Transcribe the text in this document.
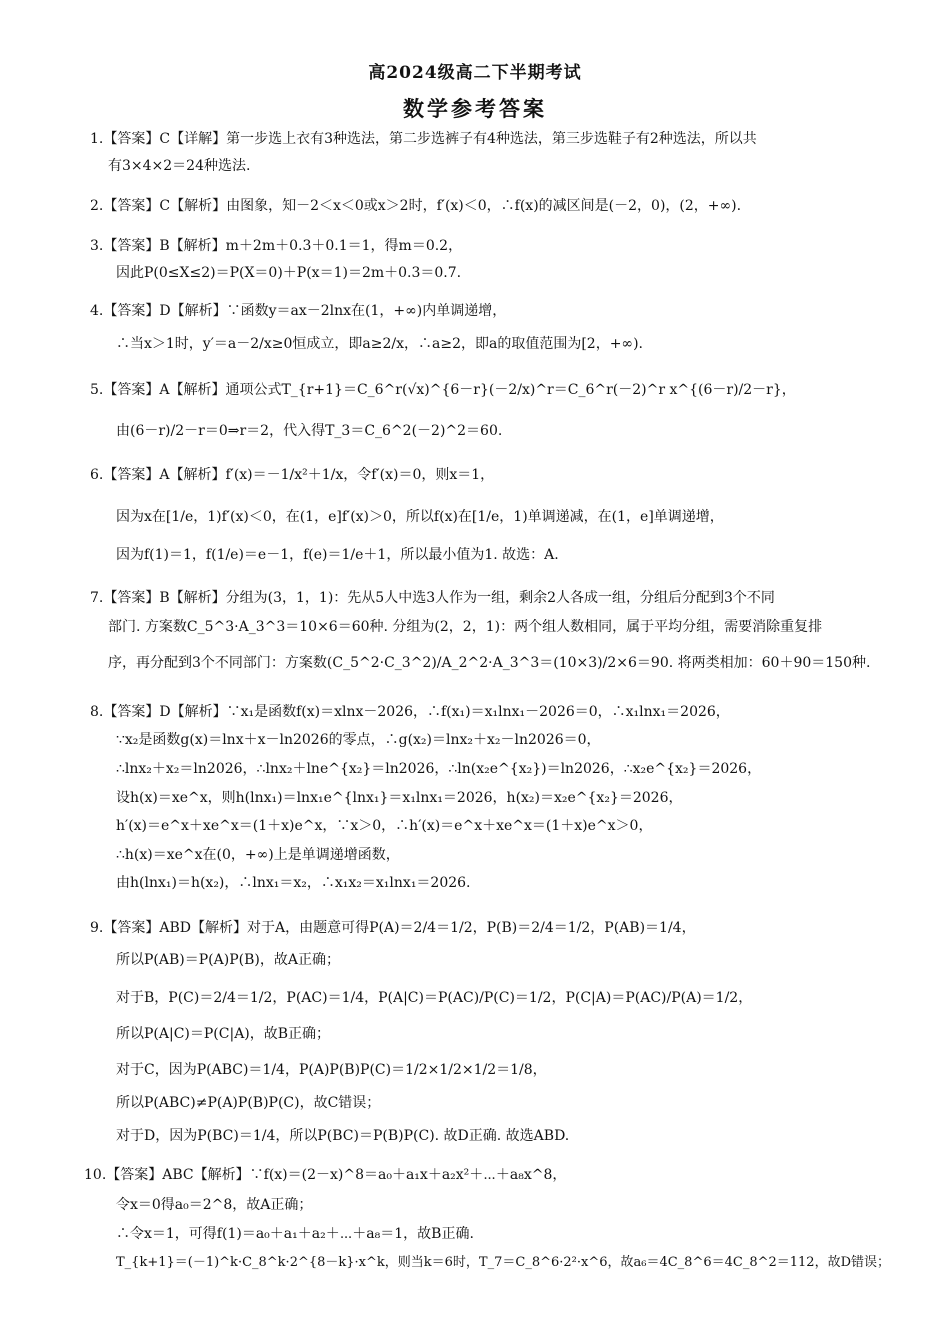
高2024级高二下半期考试
数学参考答案
1.【答案】C【详解】第一步选上衣有3种选法，第二步选裤子有4种选法，第三步选鞋子有2种选法，所以共
有3×4×2＝24种选法.
2.【答案】C【解析】由图象，知－2＜x＜0或x＞2时，f′(x)＜0，∴f(x)的减区间是(－2，0)，(2，+∞).
3.【答案】B【解析】m＋2m＋0.3＋0.1＝1，得m＝0.2，
因此P(0≤X≤2)＝P(X＝0)＋P(x＝1)＝2m＋0.3＝0.7.
4.【答案】D【解析】∵函数y＝ax－2lnx在(1，+∞)内单调递增，
∴当x＞1时，y′＝a－2/x≥0恒成立，即a≥2/x，∴a≥2，即a的取值范围为[2，+∞).
5.【答案】A【解析】通项公式T_{r+1}＝C_6^r(√x)^{6－r}(－2/x)^r＝C_6^r(－2)^r x^{(6－r)/2－r}，
由(6－r)/2－r＝0⇒r＝2，代入得T_3＝C_6^2(－2)^2＝60.
6.【答案】A【解析】f′(x)＝－1/x²＋1/x，令f′(x)＝0，则x＝1，
因为x在[1/e，1)f′(x)＜0，在(1，e]f′(x)＞0，所以f(x)在[1/e，1)单调递减，在(1，e]单调递增，
因为f(1)＝1，f(1/e)＝e－1，f(e)＝1/e＋1，所以最小值为1. 故选：A.
7.【答案】B【解析】分组为(3，1，1)：先从5人中选3人作为一组，剩余2人各成一组，分组后分配到3个不同
部门. 方案数C_5^3·A_3^3＝10×6＝60种. 分组为(2，2，1)：两个组人数相同，属于平均分组，需要消除重复排
序，再分配到3个不同部门：方案数(C_5^2·C_3^2)/A_2^2·A_3^3＝(10×3)/2×6＝90. 将两类相加：60＋90＝150种.
8.【答案】D【解析】∵x₁是函数f(x)＝xlnx－2026，∴f(x₁)＝x₁lnx₁－2026＝0，∴x₁lnx₁＝2026，
∵x₂是函数g(x)＝lnx＋x－ln2026的零点，∴g(x₂)＝lnx₂＋x₂－ln2026＝0，
∴lnx₂＋x₂＝ln2026，∴lnx₂＋lne^{x₂}＝ln2026，∴ln(x₂e^{x₂})＝ln2026，∴x₂e^{x₂}＝2026，
设h(x)＝xe^x，则h(lnx₁)＝lnx₁e^{lnx₁}＝x₁lnx₁＝2026，h(x₂)＝x₂e^{x₂}＝2026，
h′(x)＝e^x＋xe^x＝(1＋x)e^x，∵x＞0，∴h′(x)＝e^x＋xe^x＝(1＋x)e^x＞0，
∴h(x)＝xe^x在(0，+∞)上是单调递增函数，
由h(lnx₁)＝h(x₂)，∴lnx₁＝x₂，∴x₁x₂＝x₁lnx₁＝2026.
9.【答案】ABD【解析】对于A，由题意可得P(A)＝2/4＝1/2，P(B)＝2/4＝1/2，P(AB)＝1/4，
所以P(AB)＝P(A)P(B)，故A正确；
对于B，P(C)＝2/4＝1/2，P(AC)＝1/4，P(A|C)＝P(AC)/P(C)＝1/2，P(C|A)＝P(AC)/P(A)＝1/2，
所以P(A|C)＝P(C|A)，故B正确；
对于C，因为P(ABC)＝1/4，P(A)P(B)P(C)＝1/2×1/2×1/2＝1/8，
所以P(ABC)≠P(A)P(B)P(C)，故C错误；
对于D，因为P(BC)＝1/4，所以P(BC)＝P(B)P(C). 故D正确. 故选ABD.
10.【答案】ABC【解析】∵f(x)＝(2－x)^8＝a₀＋a₁x＋a₂x²＋⋯＋a₈x^8，
令x＝0得a₀＝2^8，故A正确；
∴令x＝1，可得f(1)＝a₀＋a₁＋a₂＋⋯＋a₈＝1，故B正确.
T_{k+1}＝(－1)^k·C_8^k·2^{8－k}·x^k，则当k＝6时，T_7＝C_8^6·2²·x^6，故a₆＝4C_8^6＝4C_8^2＝112，故D错误；
